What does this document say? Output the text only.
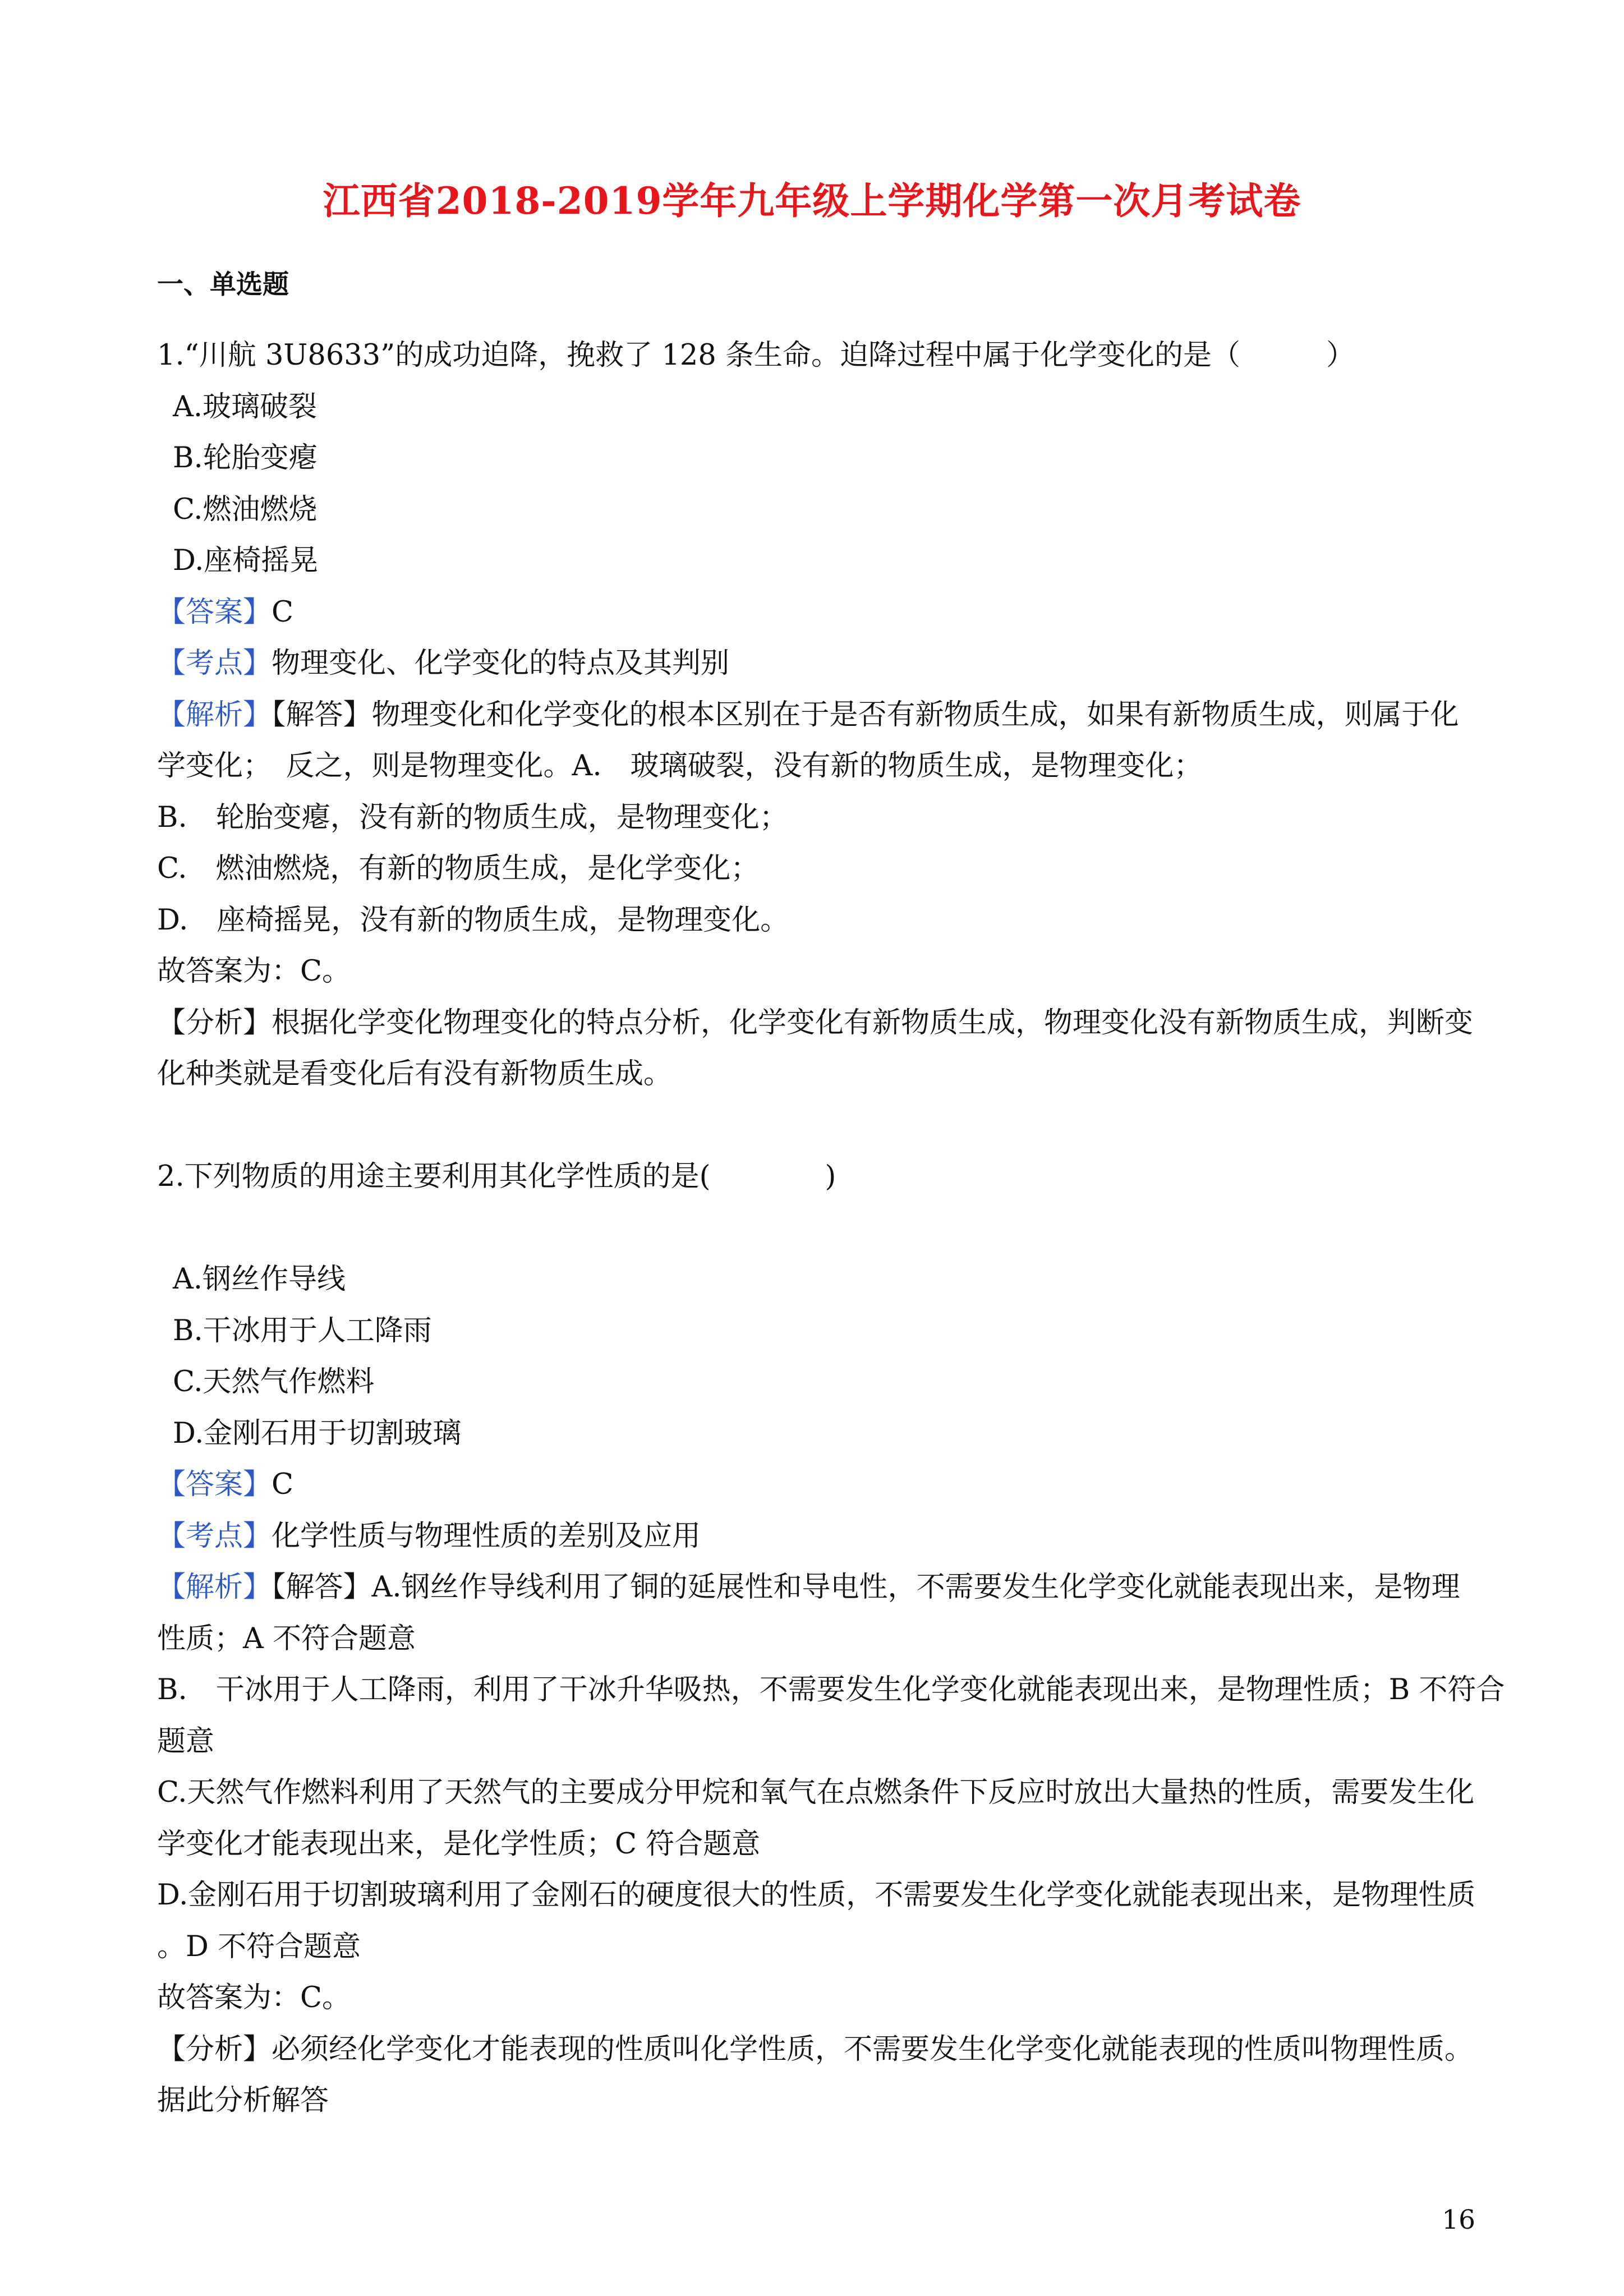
江西省2018-2019学年九年级上学期化学第一次月考试卷
一、单选题
1.“川航 3U8633”的成功迫降，挽救了 128 条生命。迫降过程中属于化学变化的是（　　　）
A.玻璃破裂
B.轮胎变瘪
C.燃油燃烧
D.座椅摇晃
【答案】C
【考点】物理变化、化学变化的特点及其判别
【解析】【解答】物理变化和化学变化的根本区别在于是否有新物质生成，如果有新物质生成，则属于化
学变化；　反之，则是物理变化。A.　玻璃破裂，没有新的物质生成，是物理变化；
B.　轮胎变瘪，没有新的物质生成，是物理变化；
C.　燃油燃烧，有新的物质生成，是化学变化；
D.　座椅摇晃，没有新的物质生成，是物理变化。
故答案为：C。
【分析】根据化学变化物理变化的特点分析，化学变化有新物质生成，物理变化没有新物质生成，判断变
化种类就是看变化后有没有新物质生成。
2.下列物质的用途主要利用其化学性质的是(　　　　)
A.钢丝作导线
B.干冰用于人工降雨
C.天然气作燃料
D.金刚石用于切割玻璃
【答案】C
【考点】化学性质与物理性质的差别及应用
【解析】【解答】A.钢丝作导线利用了铜的延展性和导电性，不需要发生化学变化就能表现出来，是物理
性质；A 不符合题意
B.　干冰用于人工降雨，利用了干冰升华吸热，不需要发生化学变化就能表现出来，是物理性质；B 不符合
题意
C.天然气作燃料利用了天然气的主要成分甲烷和氧气在点燃条件下反应时放出大量热的性质，需要发生化
学变化才能表现出来，是化学性质；C 符合题意
D.金刚石用于切割玻璃利用了金刚石的硬度很大的性质，不需要发生化学变化就能表现出来，是物理性质
。D 不符合题意
故答案为：C。
【分析】必须经化学变化才能表现的性质叫化学性质，不需要发生化学变化就能表现的性质叫物理性质。
据此分析解答
16
